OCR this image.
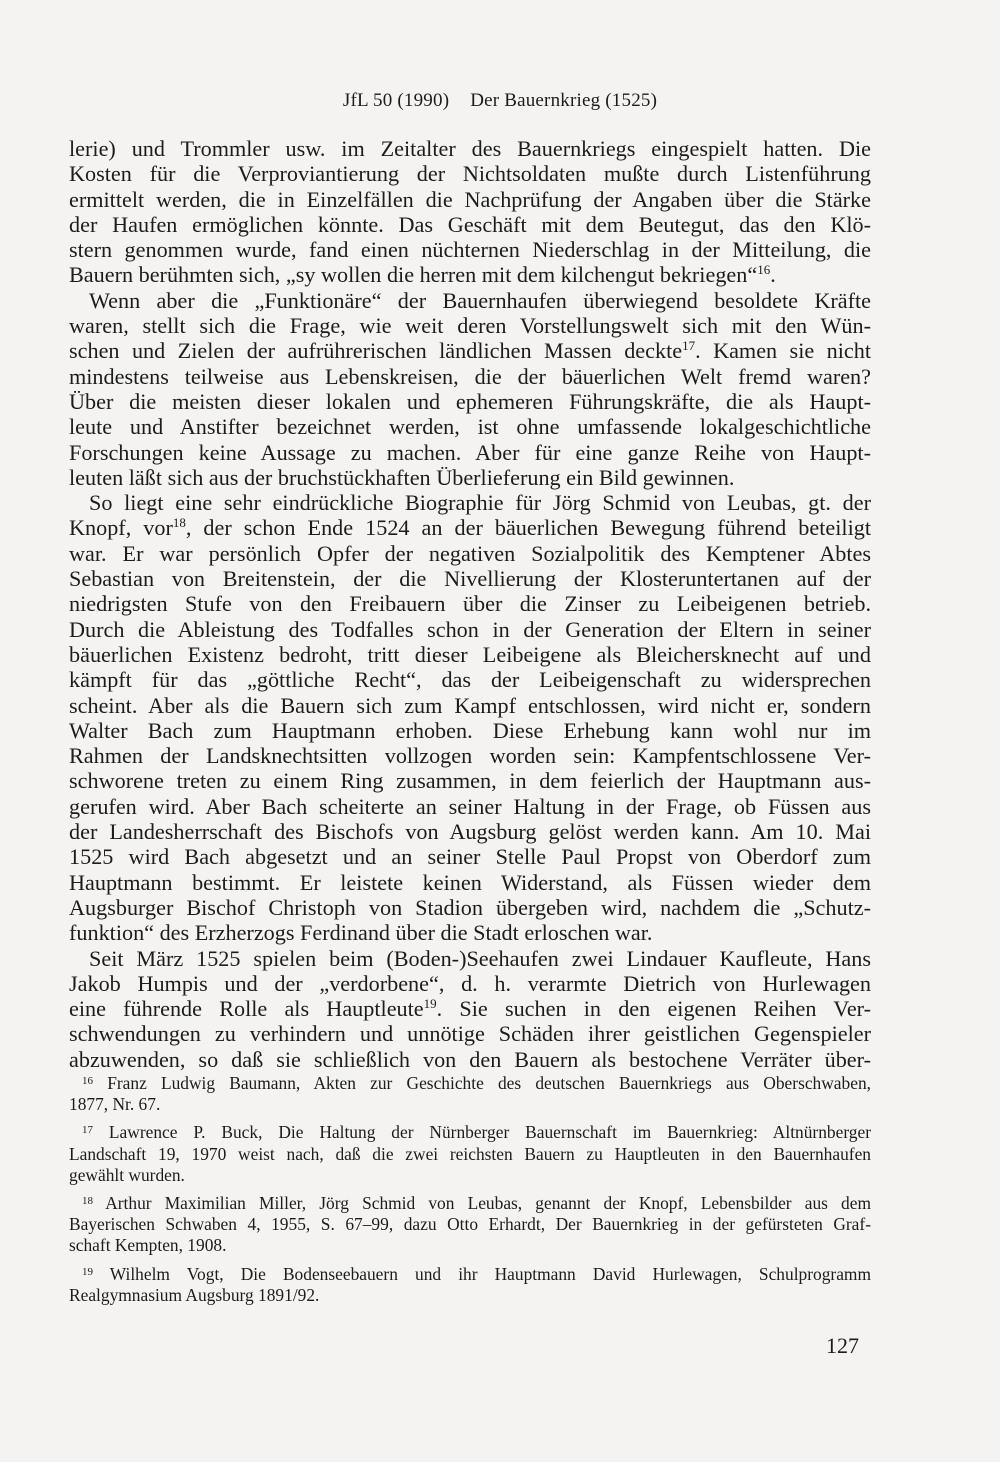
JfL 50 (1990) Der Bauernkrieg (1525)
lerie) und Trommler usw. im Zeitalter des Bauernkriegs eingespielt hatten. Die
Kosten für die Verproviantierung der Nichtsoldaten mußte durch Listenführung
ermittelt werden, die in Einzelfällen die Nachprüfung der Angaben über die Stärke
der Haufen ermöglichen könnte. Das Geschäft mit dem Beutegut, das den Klö-
stern genommen wurde, fand einen nüchternen Niederschlag in der Mitteilung, die
Bauern berühmten sich, „sy wollen die herren mit dem kilchengut bekriegen“$^{16}$.
Wenn aber die „Funktionäre“ der Bauernhaufen überwiegend besoldete Kräfte
waren, stellt sich die Frage, wie weit deren Vorstellungswelt sich mit den Wün-
schen und Zielen der aufrührerischen ländlichen Massen deckte$^{17}$. Kamen sie nicht
mindestens teilweise aus Lebenskreisen, die der bäuerlichen Welt fremd waren?
Über die meisten dieser lokalen und ephemeren Führungskräfte, die als Haupt-
leute und Anstifter bezeichnet werden, ist ohne umfassende lokalgeschichtliche
Forschungen keine Aussage zu machen. Aber für eine ganze Reihe von Haupt-
leuten läßt sich aus der bruchstückhaften Überlieferung ein Bild gewinnen.
So liegt eine sehr eindrückliche Biographie für Jörg Schmid von Leubas, gt. der
Knopf, vor$^{18}$, der schon Ende 1524 an der bäuerlichen Bewegung führend beteiligt
war. Er war persönlich Opfer der negativen Sozialpolitik des Kemptener Abtes
Sebastian von Breitenstein, der die Nivellierung der Klosteruntertanen auf der
niedrigsten Stufe von den Freibauern über die Zinser zu Leibeigenen betrieb.
Durch die Ableistung des Todfalles schon in der Generation der Eltern in seiner
bäuerlichen Existenz bedroht, tritt dieser Leibeigene als Bleichersknecht auf und
kämpft für das „göttliche Recht“, das der Leibeigenschaft zu widersprechen
scheint. Aber als die Bauern sich zum Kampf entschlossen, wird nicht er, sondern
Walter Bach zum Hauptmann erhoben. Diese Erhebung kann wohl nur im
Rahmen der Landsknechtsitten vollzogen worden sein: Kampfentschlossene Ver-
schworene treten zu einem Ring zusammen, in dem feierlich der Hauptmann aus-
gerufen wird. Aber Bach scheiterte an seiner Haltung in der Frage, ob Füssen aus
der Landesherrschaft des Bischofs von Augsburg gelöst werden kann. Am 10. Mai
1525 wird Bach abgesetzt und an seiner Stelle Paul Propst von Oberdorf zum
Hauptmann bestimmt. Er leistete keinen Widerstand, als Füssen wieder dem
Augsburger Bischof Christoph von Stadion übergeben wird, nachdem die „Schutz-
funktion“ des Erzherzogs Ferdinand über die Stadt erloschen war.
Seit März 1525 spielen beim (Boden-)Seehaufen zwei Lindauer Kaufleute, Hans
Jakob Humpis und der „verdorbene“, d. h. verarmte Dietrich von Hurlewagen
eine führende Rolle als Hauptleute$^{19}$. Sie suchen in den eigenen Reihen Ver-
schwendungen zu verhindern und unnötige Schäden ihrer geistlichen Gegenspieler
abzuwenden, so daß sie schließlich von den Bauern als bestochene Verräter über-
$^{16}$ Franz Ludwig Baumann, Akten zur Geschichte des deutschen Bauernkriegs aus Oberschwaben,
1877, Nr. 67.
$^{17}$ Lawrence P. Buck, Die Haltung der Nürnberger Bauernschaft im Bauernkrieg: Altnürnberger
Landschaft 19, 1970 weist nach, daß die zwei reichsten Bauern zu Hauptleuten in den Bauernhaufen
gewählt wurden.
$^{18}$ Arthur Maximilian Miller, Jörg Schmid von Leubas, genannt der Knopf, Lebensbilder aus dem
Bayerischen Schwaben 4, 1955, S. 67–99, dazu Otto Erhardt, Der Bauernkrieg in der gefürsteten Graf-
schaft Kempten, 1908.
$^{19}$ Wilhelm Vogt, Die Bodenseebauern und ihr Hauptmann David Hurlewagen, Schulprogramm
Realgymnasium Augsburg 1891/92.
127
